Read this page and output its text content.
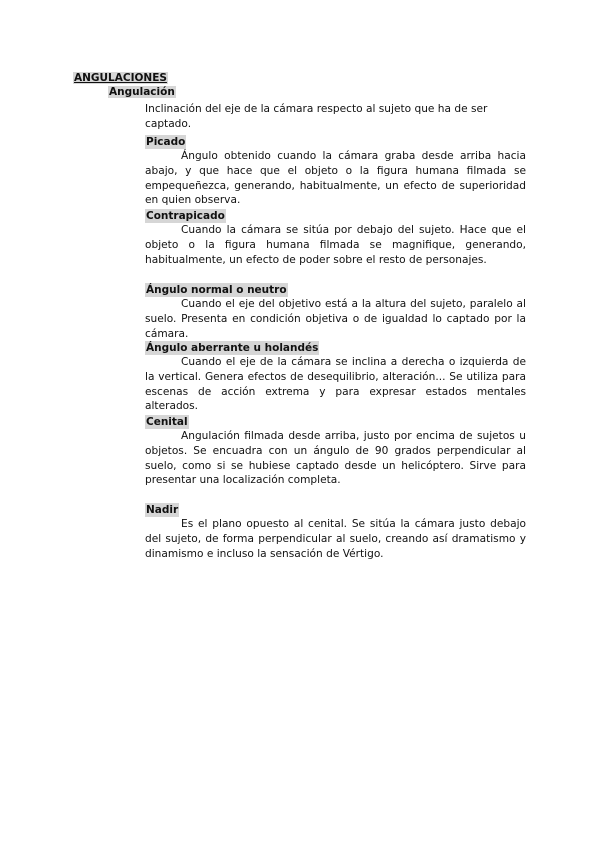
ANGULACIONES
Angulación
Inclinación del eje de la cámara respecto al sujeto que ha de ser captado.
Picado

Ángulo obtenido cuando la cámara graba desde arriba hacia abajo, y que hace que el objeto o la figura humana filmada se empequeñezca, generando, habitualmente, un efecto de superioridad en quien observa.

Contrapicado

Cuando la cámara se sitúa por debajo del sujeto. Hace que el objeto o la figura humana filmada se magnifique, generando, habitualmente, un efecto de poder sobre el resto de personajes.

Ángulo normal o neutro

Cuando el eje del objetivo está a la altura del sujeto, paralelo al suelo. Presenta en condición objetiva o de igualdad lo captado por la cámara.

Ángulo aberrante u holandés

Cuando el eje de la cámara se inclina a derecha o izquierda de la vertical. Genera efectos de desequilibrio, alteración... Se utiliza para escenas de acción extrema y para expresar estados mentales alterados.

Cenital

Angulación filmada desde arriba, justo por encima de sujetos u objetos. Se encuadra con un ángulo de 90 grados perpendicular al suelo, como si se hubiese captado desde un helicóptero. Sirve para presentar una localización completa.

Nadir

Es el plano opuesto al cenital. Se sitúa la cámara justo debajo del sujeto, de forma perpendicular al suelo, creando así dramatismo y dinamismo e incluso la sensación de Vértigo.
